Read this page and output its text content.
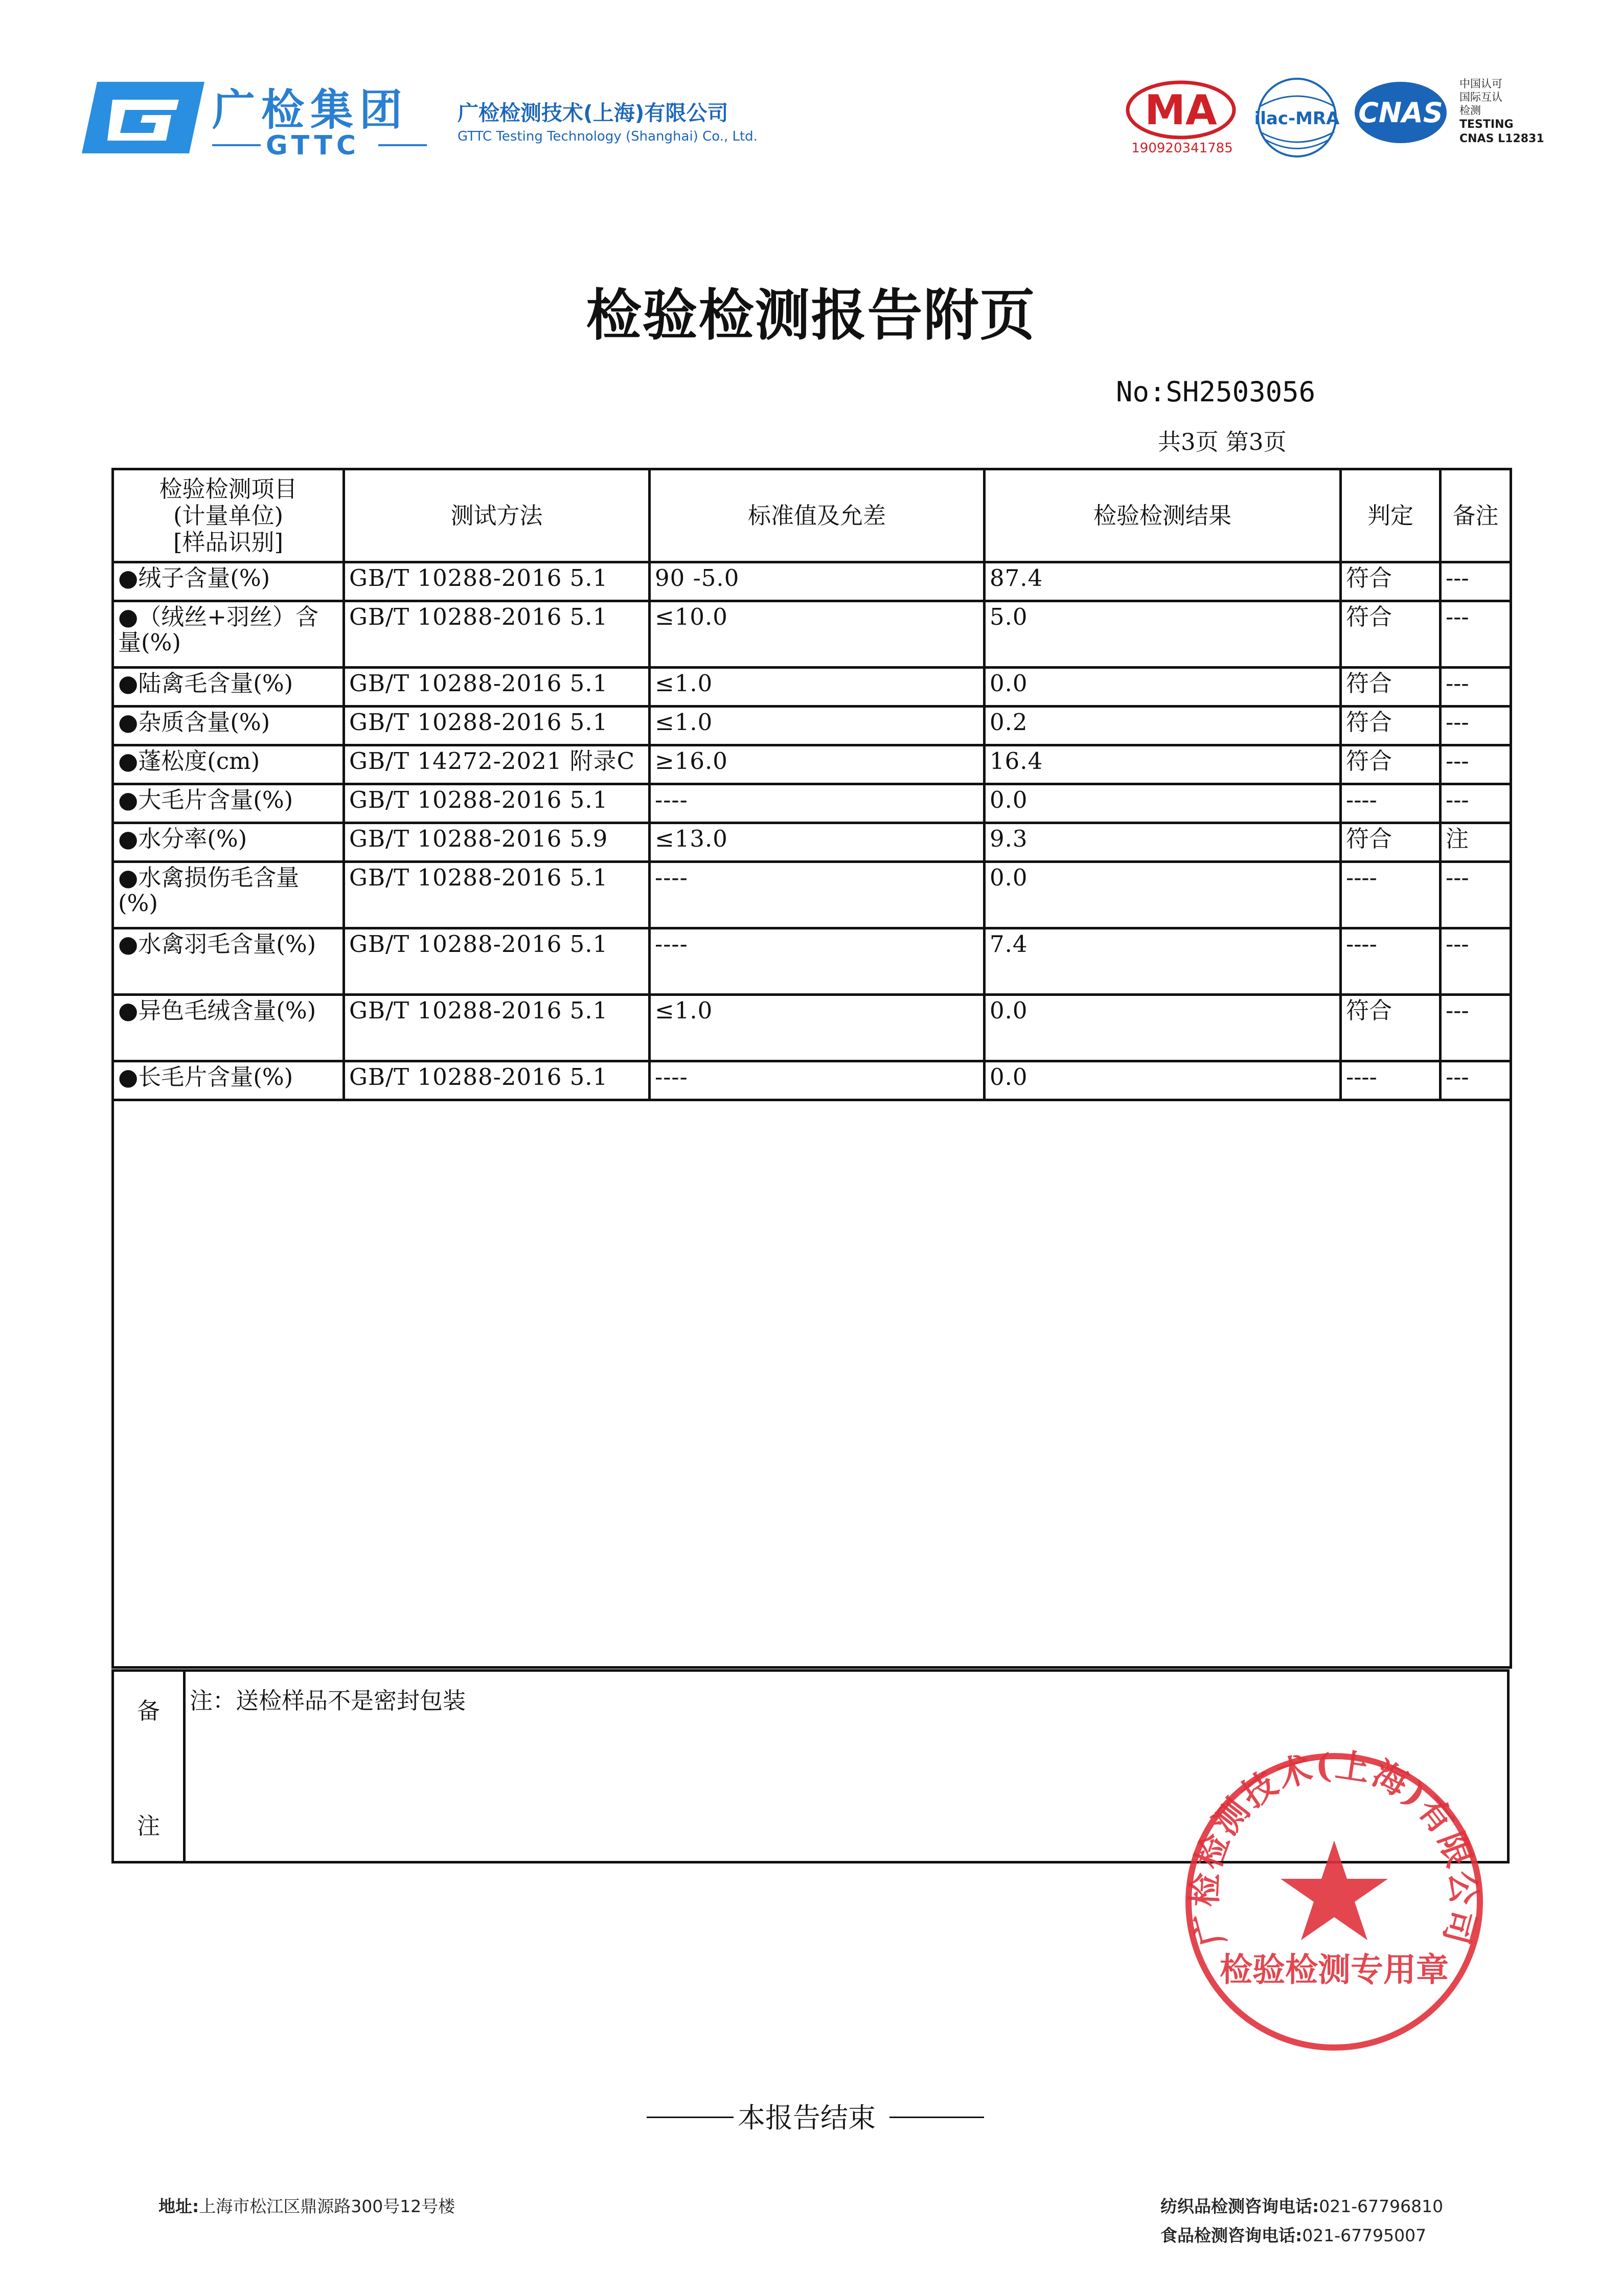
广检集团
GTTC
广检检测技术(上海)有限公司
GTTC Testing Technology (Shanghai) Co., Ltd.
MA
190920341785
ilac-MRA CNAS
中国认可
国际互认
检测
TESTING
CNAS L12831
检验检测报告附页
No:SH2503056
共3页 第3页
检验检测项目
(计量单位)
[样品识别]	测试方法	标准值及允差	检验检测结果	判定	备注
●绒子含量(%)	GB/T 10288-2016 5.1	90 -5.0	87.4	符合	---
●（绒丝+羽丝）含量(%)	GB/T 10288-2016 5.1	≤10.0	5.0	符合	---
●陆禽毛含量(%)	GB/T 10288-2016 5.1	≤1.0	0.0	符合	---
●杂质含量(%)	GB/T 10288-2016 5.1	≤1.0	0.2	符合	---
●蓬松度(cm)	GB/T 14272-2021 附录C	≥16.0	16.4	符合	---
●大毛片含量(%)	GB/T 10288-2016 5.1	----	0.0	----	---
●水分率(%)	GB/T 10288-2016 5.9	≤13.0	9.3	符合	注
●水禽损伤毛含量(%)	GB/T 10288-2016 5.1	----	0.0	----	---
●水禽羽毛含量(%)	GB/T 10288-2016 5.1	----	7.4	----	---
●异色毛绒含量(%)	GB/T 10288-2016 5.1	≤1.0	0.0	符合	---
●长毛片含量(%)	GB/T 10288-2016 5.1	----	0.0	----	---

备
注
注：送检样品不是密封包装
广检检测技术(上海)有限公司
检验检测专用章
本报告结束
地址:上海市松江区鼎源路300号12号楼	纺织品检测咨询电话:021-67796810
食品检测咨询电话:021-67795007
